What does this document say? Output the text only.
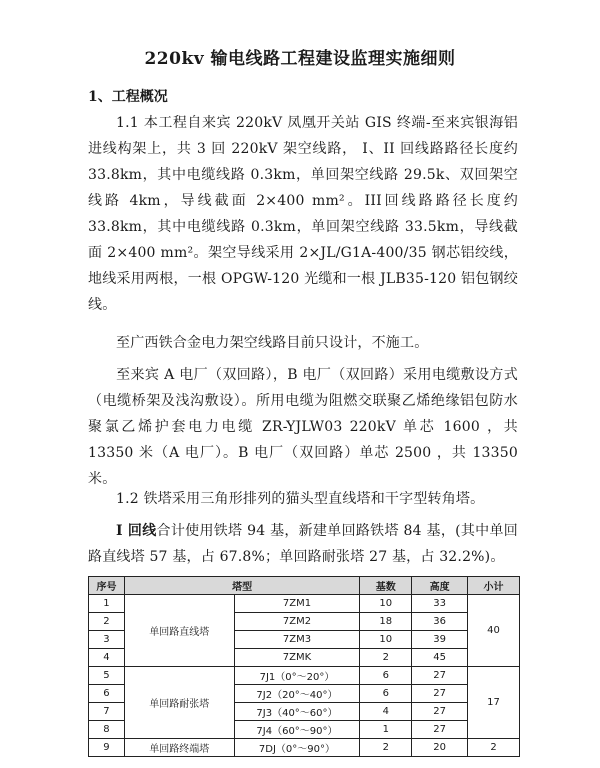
220kv 输电线路工程建设监理实施细则
1、工程概况
1.1 本工程自来宾 220kV 凤凰开关站 GIS 终端-至来宾银海铝进线构架上，共 3 回 220kV 架空线路， I、II 回线路路径长度约 33.8km，其中电缆线路 0.3km，单回架空线路 29.5k、双回架空线路 4km，导线截面 2×400 mm²。III回线路路径长度约 33.8km，其中电缆线路 0.3km，单回架空线路 33.5km，导线截面 2×400 mm²。架空导线采用 2×JL/G1A-400/35 钢芯铝绞线，地线采用两根，一根 OPGW-120 光缆和一根 JLB35-120 铝包钢绞线。
至广西铁合金电力架空线路目前只设计，不施工。
至来宾 A 电厂（双回路），B 电厂（双回路）采用电缆敷设方式（电缆桥架及浅沟敷设）。所用电缆为阻燃交联聚乙烯绝缘铝包防水聚氯乙烯护套电力电缆 ZR-YJLW03 220kV 单芯 1600 ，共 13350 米（A 电厂）。B 电厂（双回路）单芯 2500 ，共 13350 米。
1.2 铁塔采用三角形排列的猫头型直线塔和干字型转角塔。
I 回线合计使用铁塔 94 基，新建单回路铁塔 84 基，(其中单回路直线塔 57 基，占 67.8%；单回路耐张塔 27 基，占 32.2%)。
序号	塔型		基数	高度	小计
1	单回路直线塔	7ZM1	10	33	40
2		7ZM2	18	36	
3		7ZM3	10	39	
4		7ZMK	2	45	
5	单回路耐张塔	7J1（0°～20°）	6	27	17
6		7J2（20°～40°）	6	27	
7		7J3（40°～60°）	4	27	
8		7J4（60°～90°）	1	27	
9	单回路终端塔	7DJ（0°～90°）	2	20	2
